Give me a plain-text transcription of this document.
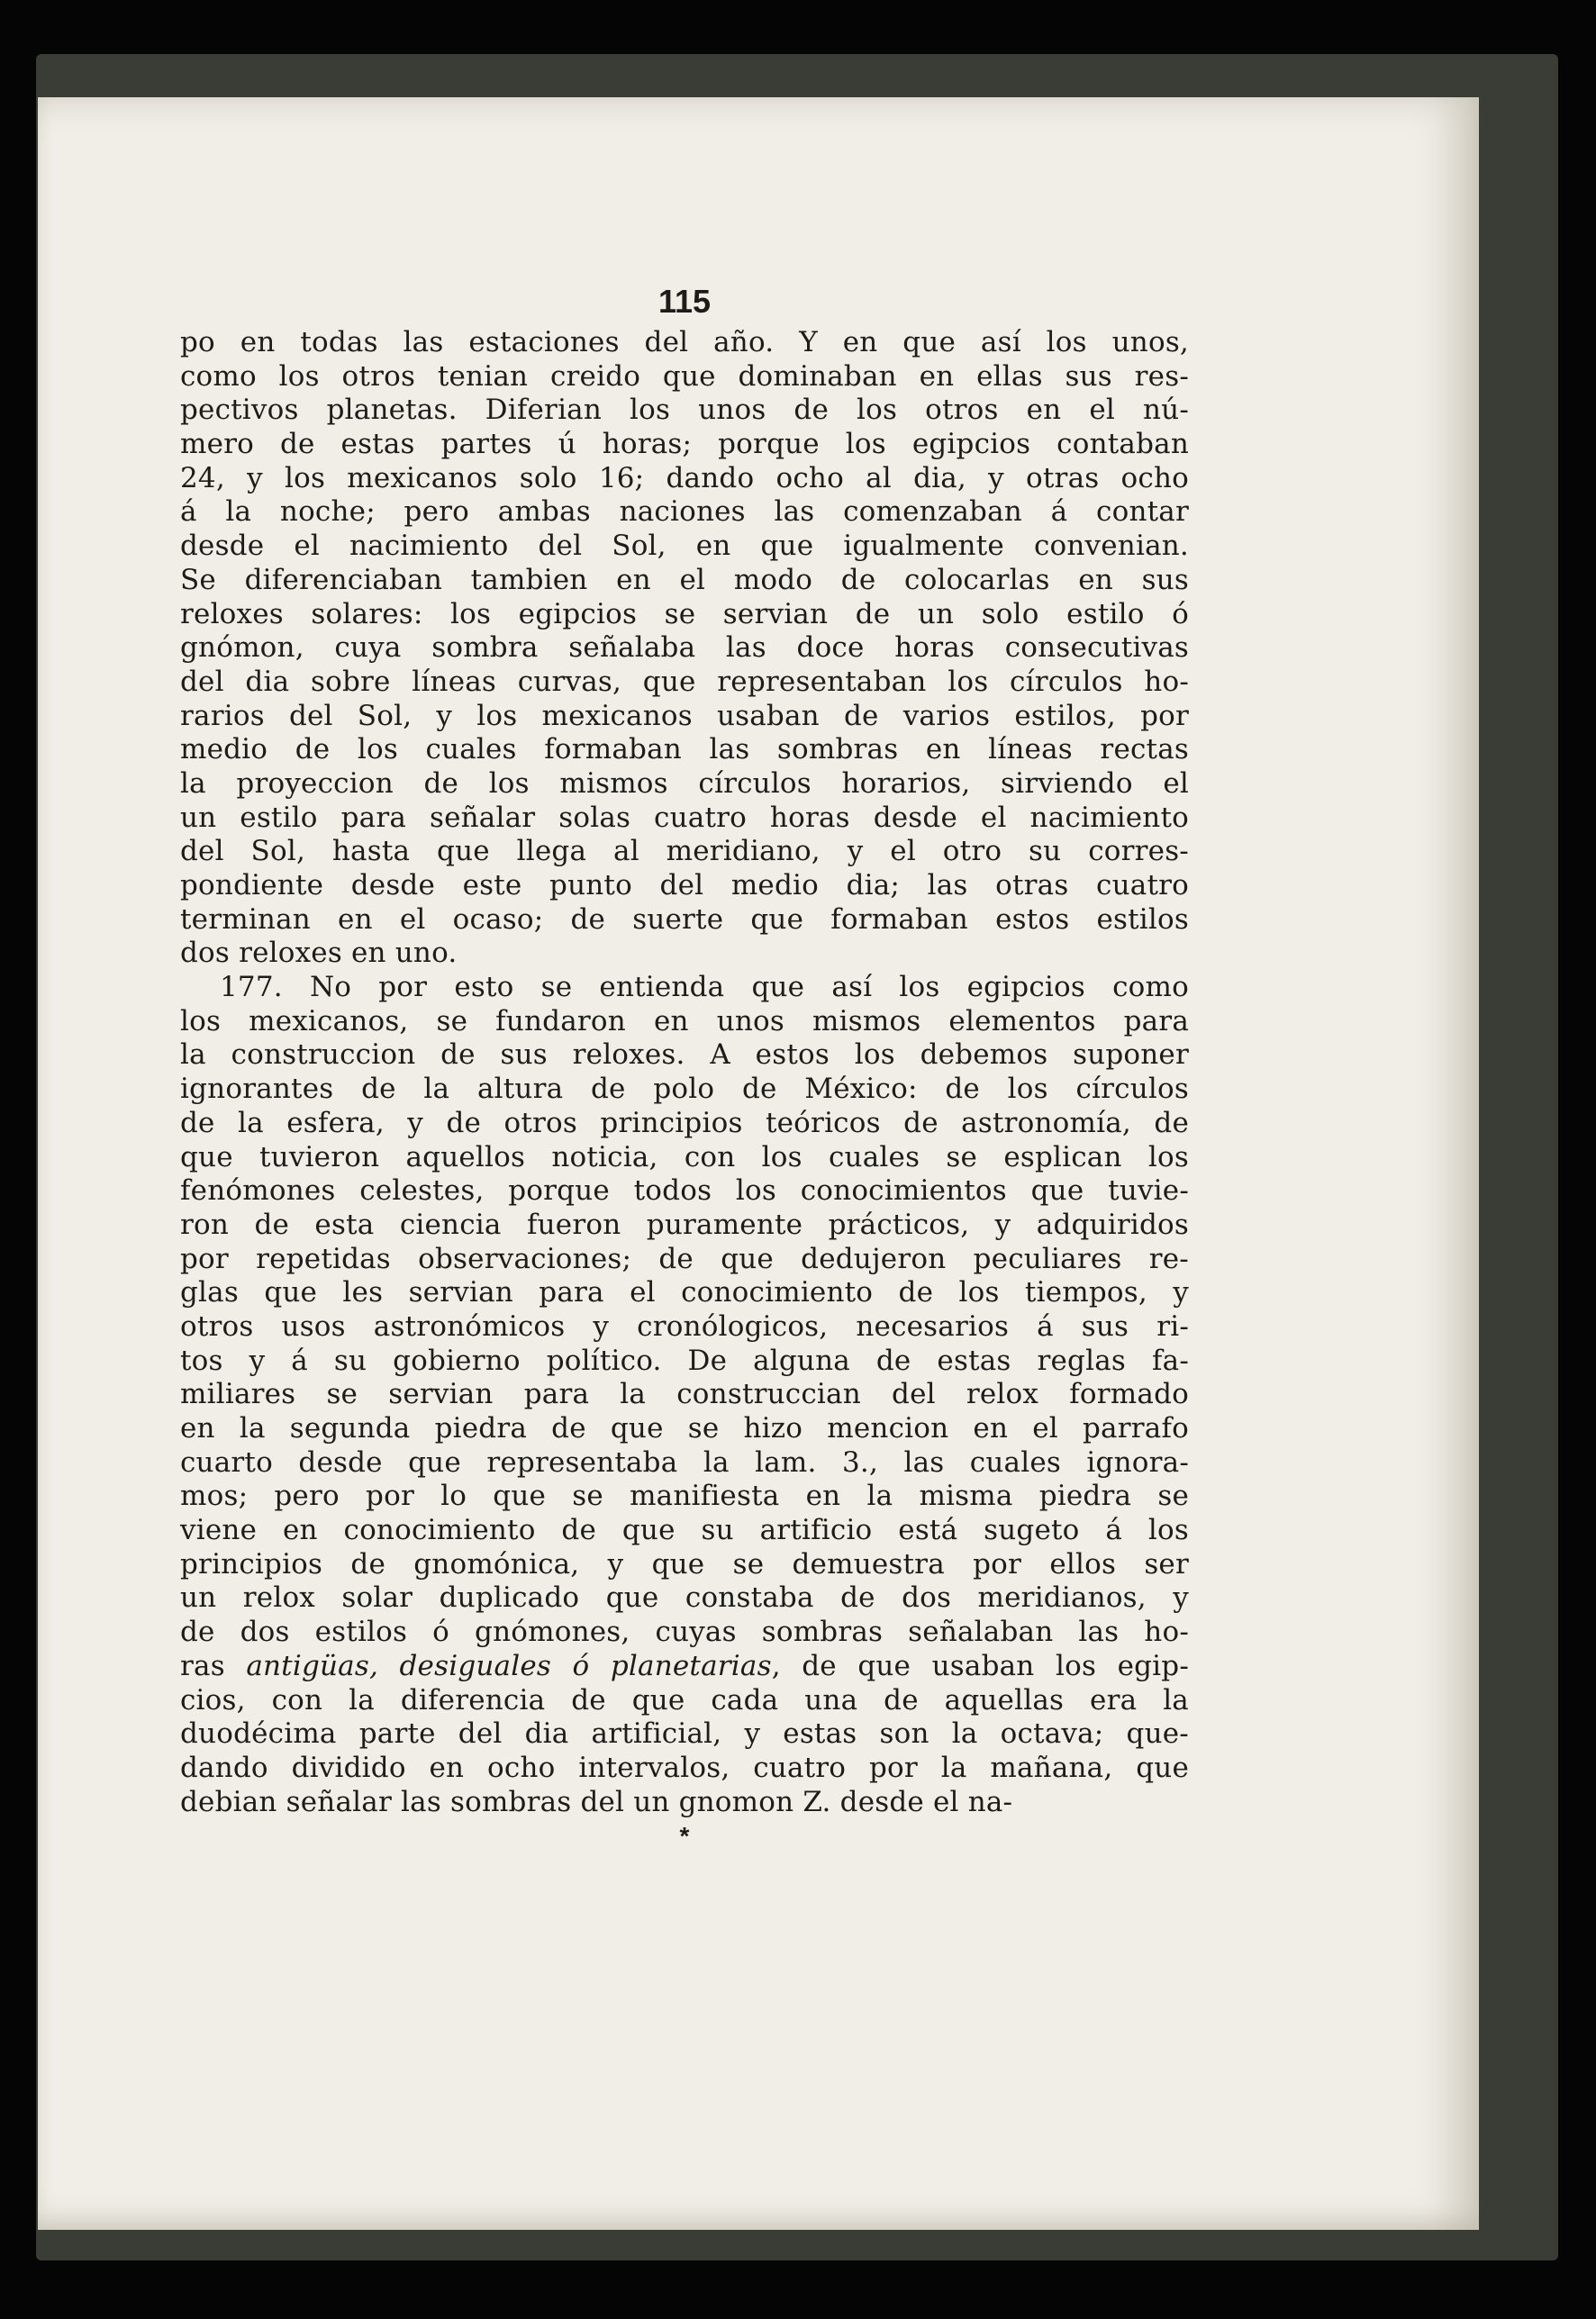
115
po en todas las estaciones del año. Y en que así los unos,
como los otros tenian creido que dominaban en ellas sus res-
pectivos planetas. Diferian los unos de los otros en el nú-
mero de estas partes ú horas; porque los egipcios contaban
24, y los mexicanos solo 16; dando ocho al dia, y otras ocho
á la noche; pero ambas naciones las comenzaban á contar
desde el nacimiento del Sol, en que igualmente convenian.
Se diferenciaban tambien en el modo de colocarlas en sus
reloxes solares: los egipcios se servian de un solo estilo ó
gnómon, cuya sombra señalaba las doce horas consecutivas
del dia sobre líneas curvas, que representaban los círculos ho-
rarios del Sol, y los mexicanos usaban de varios estilos, por
medio de los cuales formaban las sombras en líneas rectas
la proyeccion de los mismos círculos horarios, sirviendo el
un estilo para señalar solas cuatro horas desde el nacimiento
del Sol, hasta que llega al meridiano, y el otro su corres-
pondiente desde este punto del medio dia; las otras cuatro
terminan en el ocaso; de suerte que formaban estos estilos
dos reloxes en uno.
177. No por esto se entienda que así los egipcios como
los mexicanos, se fundaron en unos mismos elementos para
la construccion de sus reloxes. A estos los debemos suponer
ignorantes de la altura de polo de México: de los círculos
de la esfera, y de otros principios teóricos de astronomía, de
que tuvieron aquellos noticia, con los cuales se esplican los
fenómones celestes, porque todos los conocimientos que tuvie-
ron de esta ciencia fueron puramente prácticos, y adquiridos
por repetidas observaciones; de que dedujeron peculiares re-
glas que les servian para el conocimiento de los tiempos, y
otros usos astronómicos y cronólogicos, necesarios á sus ri-
tos y á su gobierno político. De alguna de estas reglas fa-
miliares se servian para la construccian del relox formado
en la segunda piedra de que se hizo mencion en el parrafo
cuarto desde que representaba la lam. 3., las cuales ignora-
mos; pero por lo que se manifiesta en la misma piedra se
viene en conocimiento de que su artificio está sugeto á los
principios de gnomónica, y que se demuestra por ellos ser
un relox solar duplicado que constaba de dos meridianos, y
de dos estilos ó gnómones, cuyas sombras señalaban las ho-
ras antigüas, desiguales ó planetarias, de que usaban los egip-
cios, con la diferencia de que cada una de aquellas era la
duodécima parte del dia artificial, y estas son la octava; que-
dando dividido en ocho intervalos, cuatro por la mañana, que
debian señalar las sombras del un gnomon Z. desde el na-
*
